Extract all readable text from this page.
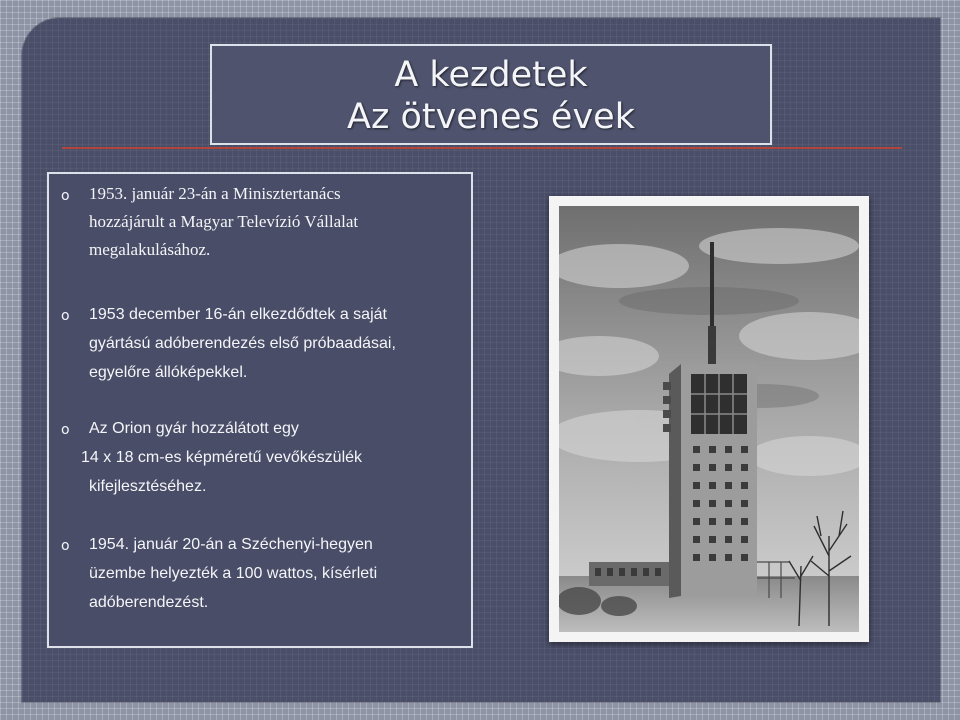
A kezdetek
Az ötvenes évek
o 1953. január 23-án a Minisztertanács
hozzájárult a Magyar Televízió Vállalat
megalakulásához.
o 1953 december 16-án elkezdődtek a saját
gyártású adóberendezés első próbaadásai,
egyelőre állóképekkel.
o Az Orion gyár hozzálátott egy
14 x 18 cm-es képméretű vevőkészülék
kifejlesztéséhez.
o 1954. január 20-án a Széchenyi-hegyen
üzembe helyezték a 100 wattos, kísérleti
adóberendezést.
